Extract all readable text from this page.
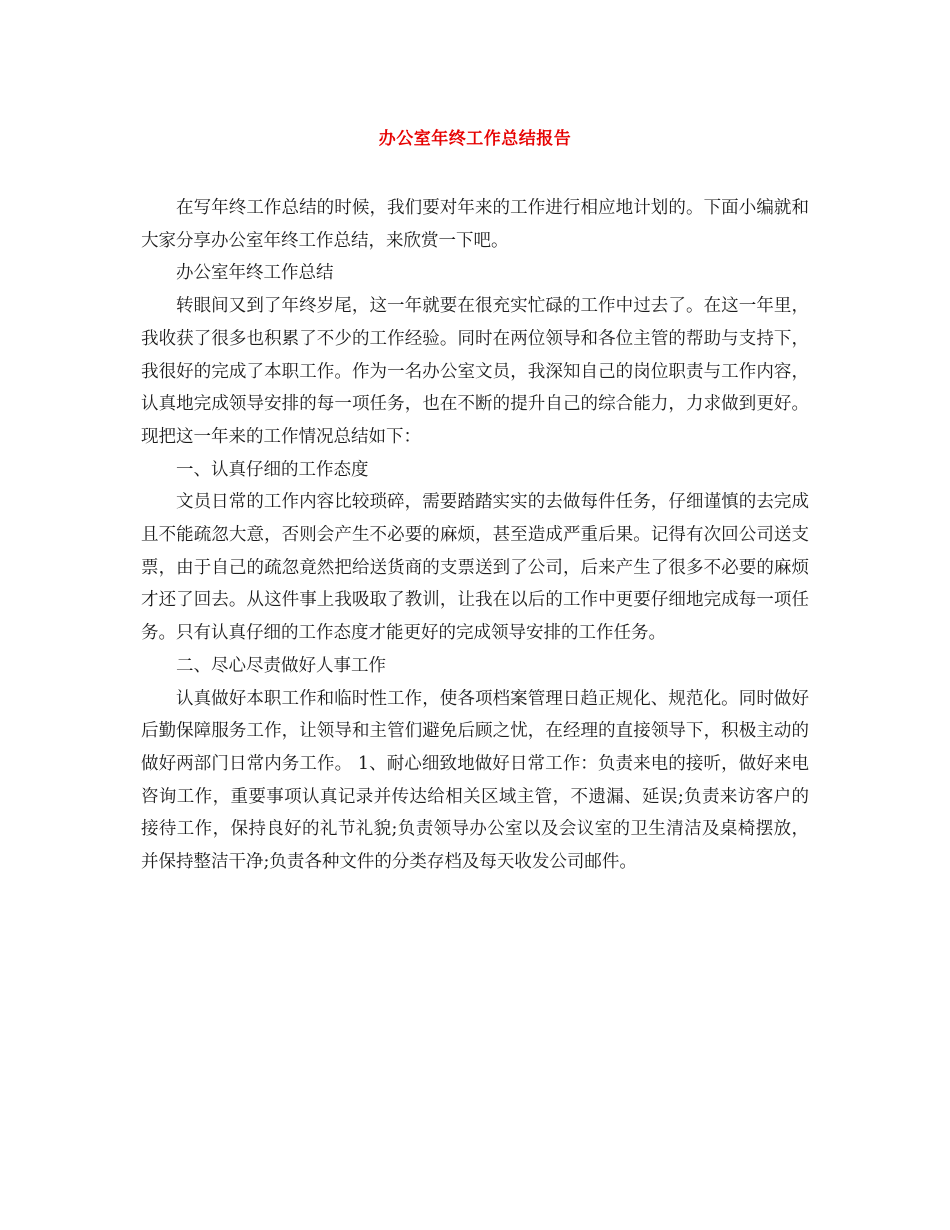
办公室年终工作总结报告

在写年终工作总结的时候，我们要对年来的工作进行相应地计划的。下面小编就和大家分享办公室年终工作总结，来欣赏一下吧。

办公室年终工作总结

转眼间又到了年终岁尾，这一年就要在很充实忙碌的工作中过去了。在这一年里，我收获了很多也积累了不少的工作经验。同时在两位领导和各位主管的帮助与支持下，我很好的完成了本职工作。作为一名办公室文员，我深知自己的岗位职责与工作内容，认真地完成领导安排的每一项任务，也在不断的提升自己的综合能力，力求做到更好。现把这一年来的工作情况总结如下：

一、认真仔细的工作态度

文员日常的工作内容比较琐碎，需要踏踏实实的去做每件任务，仔细谨慎的去完成且不能疏忽大意，否则会产生不必要的麻烦，甚至造成严重后果。记得有次回公司送支票，由于自己的疏忽竟然把给送货商的支票送到了公司，后来产生了很多不必要的麻烦才还了回去。从这件事上我吸取了教训，让我在以后的工作中更要仔细地完成每一项任务。只有认真仔细的工作态度才能更好的完成领导安排的工作任务。

二、尽心尽责做好人事工作

认真做好本职工作和临时性工作，使各项档案管理日趋正规化、规范化。同时做好后勤保障服务工作，让领导和主管们避免后顾之忧，在经理的直接领导下，积极主动的做好两部门日常内务工作。 1、耐心细致地做好日常工作：负责来电的接听，做好来电咨询工作，重要事项认真记录并传达给相关区域主管，不遗漏、延误;负责来访客户的接待工作，保持良好的礼节礼貌;负责领导办公室以及会议室的卫生清洁及桌椅摆放，并保持整洁干净;负责各种文件的分类存档及每天收发公司邮件。
